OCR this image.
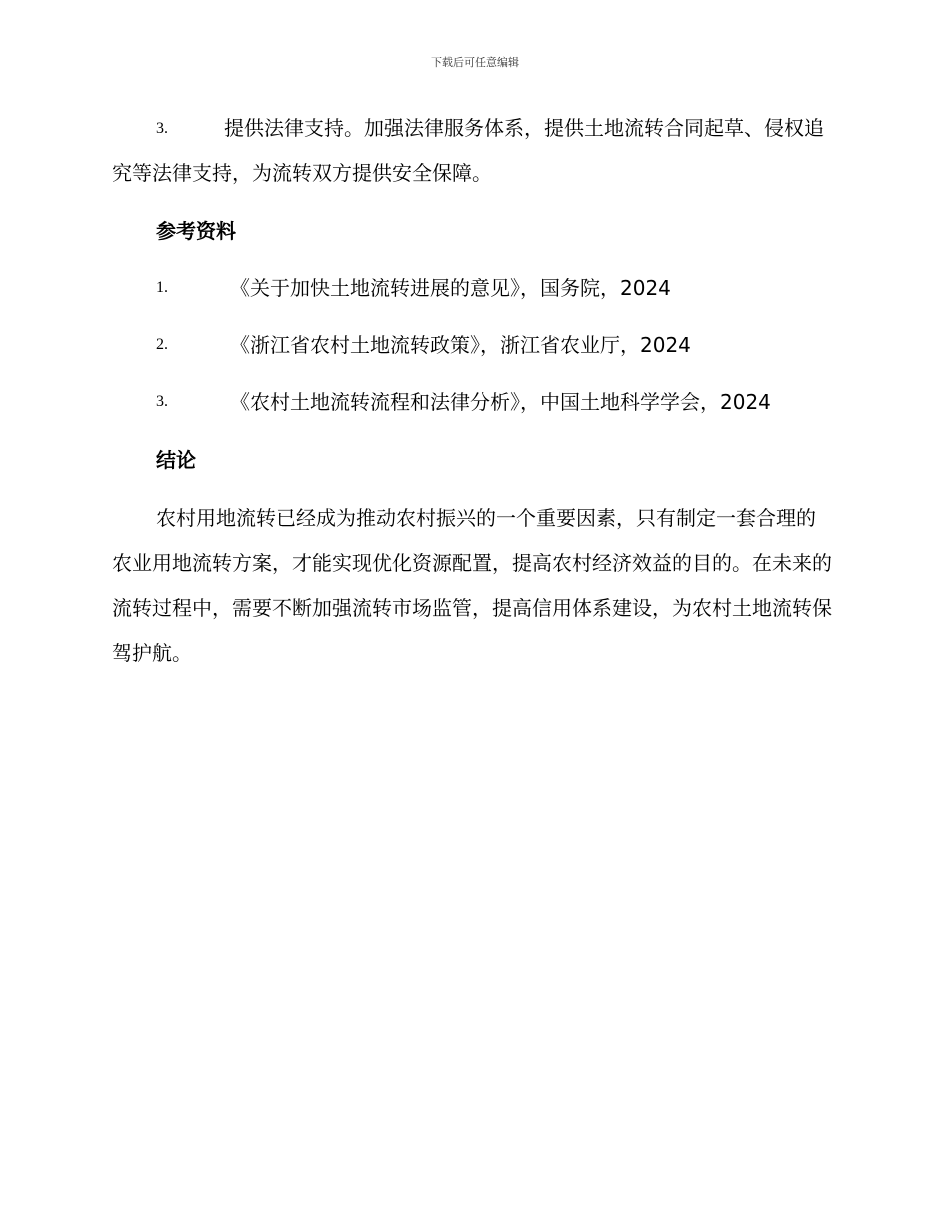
下载后可任意编辑
3.	提供法律支持。加强法律服务体系，提供土地流转合同起草、侵权追究等法律支持，为流转双方提供安全保障。
参考资料
1.	《关于加快土地流转进展的意见》，国务院，2024
2.	《浙江省农村土地流转政策》，浙江省农业厅，2024
3.	《农村土地流转流程和法律分析》，中国土地科学学会，2024
结论
农村用地流转已经成为推动农村振兴的一个重要因素，只有制定一套合理的农业用地流转方案，才能实现优化资源配置，提高农村经济效益的目的。在未来的流转过程中，需要不断加强流转市场监管，提高信用体系建设，为农村土地流转保驾护航。
